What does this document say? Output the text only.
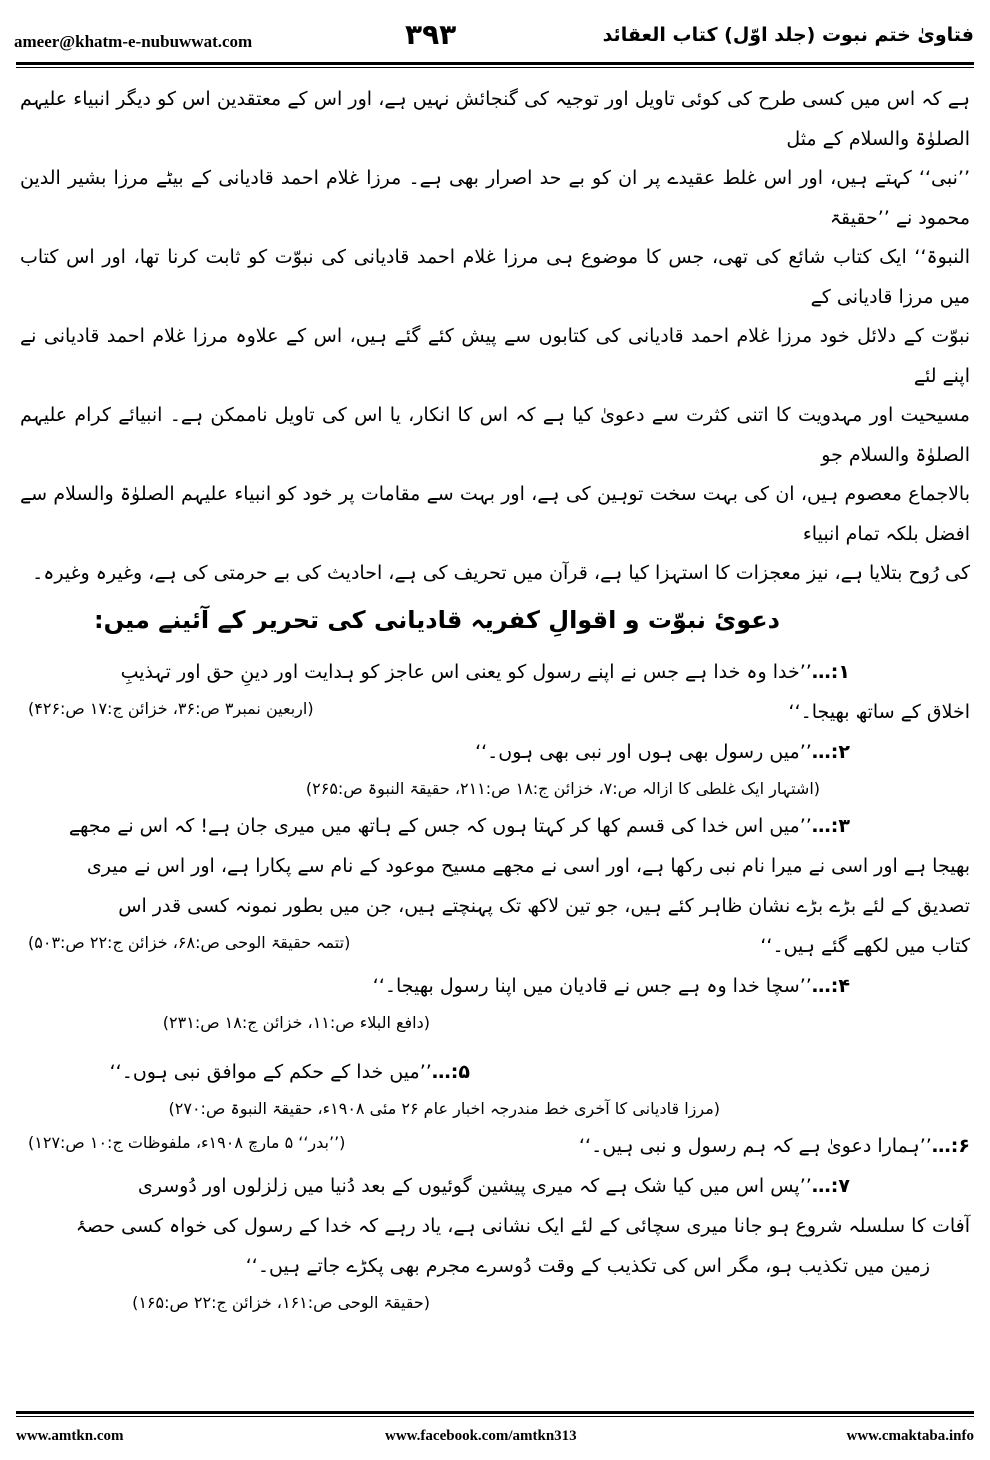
ameer@khatm-e-nubuwwat.com	۳۹۳	فتاویٰ ختم نبوت (جلد اوّل) کتاب العقائد

ہے کہ اس میں کسی طرح کی کوئی تاویل اور توجیہ کی گنجائش نہیں ہے، اور اس کے معتقدین اس کو دیگر انبیاء علیہم الصلوٰۃ والسلام کے مثل

’’نبی‘‘ کہتے ہیں، اور اس غلط عقیدے پر ان کو بے حد اصرار بھی ہے۔ مرزا غلام احمد قادیانی کے بیٹے مرزا بشیر الدین محمود نے ’’حقیقۃ

النبوۃ‘‘ ایک کتاب شائع کی تھی، جس کا موضوع ہی مرزا غلام احمد قادیانی کی نبوّت کو ثابت کرنا تھا، اور اس کتاب میں مرزا قادیانی کے

نبوّت کے دلائل خود مرزا غلام احمد قادیانی کی کتابوں سے پیش کئے گئے ہیں، اس کے علاوہ مرزا غلام احمد قادیانی نے اپنے لئے

مسیحیت اور مہدویت کا اتنی کثرت سے دعویٰ کیا ہے کہ اس کا انکار، یا اس کی تاویل ناممکن ہے۔ انبیائے کرام علیہم الصلوٰۃ والسلام جو

بالاجماع معصوم ہیں، ان کی بہت سخت توہین کی ہے، اور بہت سے مقامات پر خود کو انبیاء علیہم الصلوٰۃ والسلام سے افضل بلکہ تمام انبیاء

کی رُوح بتلایا ہے، نیز معجزات کا استہزا کیا ہے، قرآن میں تحریف کی ہے، احادیث کی بے حرمتی کی ہے، وغیرہ وغیرہ۔

دعویٔ نبوّت و اقوالِ کفریہ قادیانی کی تحریر کے آئینے میں:

۱:…’’خدا وہ خدا ہے جس نے اپنے رسول کو یعنی اس عاجز کو ہدایت اور دینِ حق اور تہذیبِ

اخلاق کے ساتھ بھیجا۔‘‘
(اربعین نمبر۳ ص:۳۶، خزائن ج:۱۷ ص:۴۲۶)

۲:…’’میں رسول بھی ہوں اور نبی بھی ہوں۔‘‘

(اشتہار ایک غلطی کا ازالہ ص:۷، خزائن ج:۱۸ ص:۲۱۱، حقیقۃ النبوۃ ص:۲۶۵)

۳:…’’میں اس خدا کی قسم کھا کر کہتا ہوں کہ جس کے ہاتھ میں میری جان ہے! کہ اس نے مجھے

بھیجا ہے اور اسی نے میرا نام نبی رکھا ہے، اور اسی نے مجھے مسیح موعود کے نام سے پکارا ہے، اور اس نے میری

تصدیق کے لئے بڑے بڑے نشان ظاہر کئے ہیں، جو تین لاکھ تک پہنچتے ہیں، جن میں بطور نمونہ کسی قدر اس

کتاب میں لکھے گئے ہیں۔‘‘
(تتمہ حقیقۃ الوحی ص:۶۸، خزائن ج:۲۲ ص:۵۰۳)

۴:…’’سچا خدا وہ ہے جس نے قادیان میں اپنا رسول بھیجا۔‘‘

(دافع البلاء ص:۱۱، خزائن ج:۱۸ ص:۲۳۱)

۵:…’’میں خدا کے حکم کے موافق نبی ہوں۔‘‘

(مرزا قادیانی کا آخری خط مندرجہ اخبار عام ۲۶ مئی ۱۹۰۸ء، حقیقۃ النبوۃ ص:۲۷۰)

۶:…’’ہمارا دعویٰ ہے کہ ہم رسول و نبی ہیں۔‘‘
(’’بدر‘‘ ۵ مارچ ۱۹۰۸ء، ملفوظات ج:۱۰ ص:۱۲۷)

۷:…’’پس اس میں کیا شک ہے کہ میری پیشین گوئیوں کے بعد دُنیا میں زلزلوں اور دُوسری

آفات کا سلسلہ شروع ہو جانا میری سچائی کے لئے ایک نشانی ہے، یاد رہے کہ خدا کے رسول کی خواہ کسی حصۂ

زمین میں تکذیب ہو، مگر اس کی تکذیب کے وقت دُوسرے مجرم بھی پکڑے جاتے ہیں۔‘‘

(حقیقۃ الوحی ص:۱۶۱، خزائن ج:۲۲ ص:۱۶۵)

www.amtkn.com	www.facebook.com/amtkn313	www.cmaktaba.info
